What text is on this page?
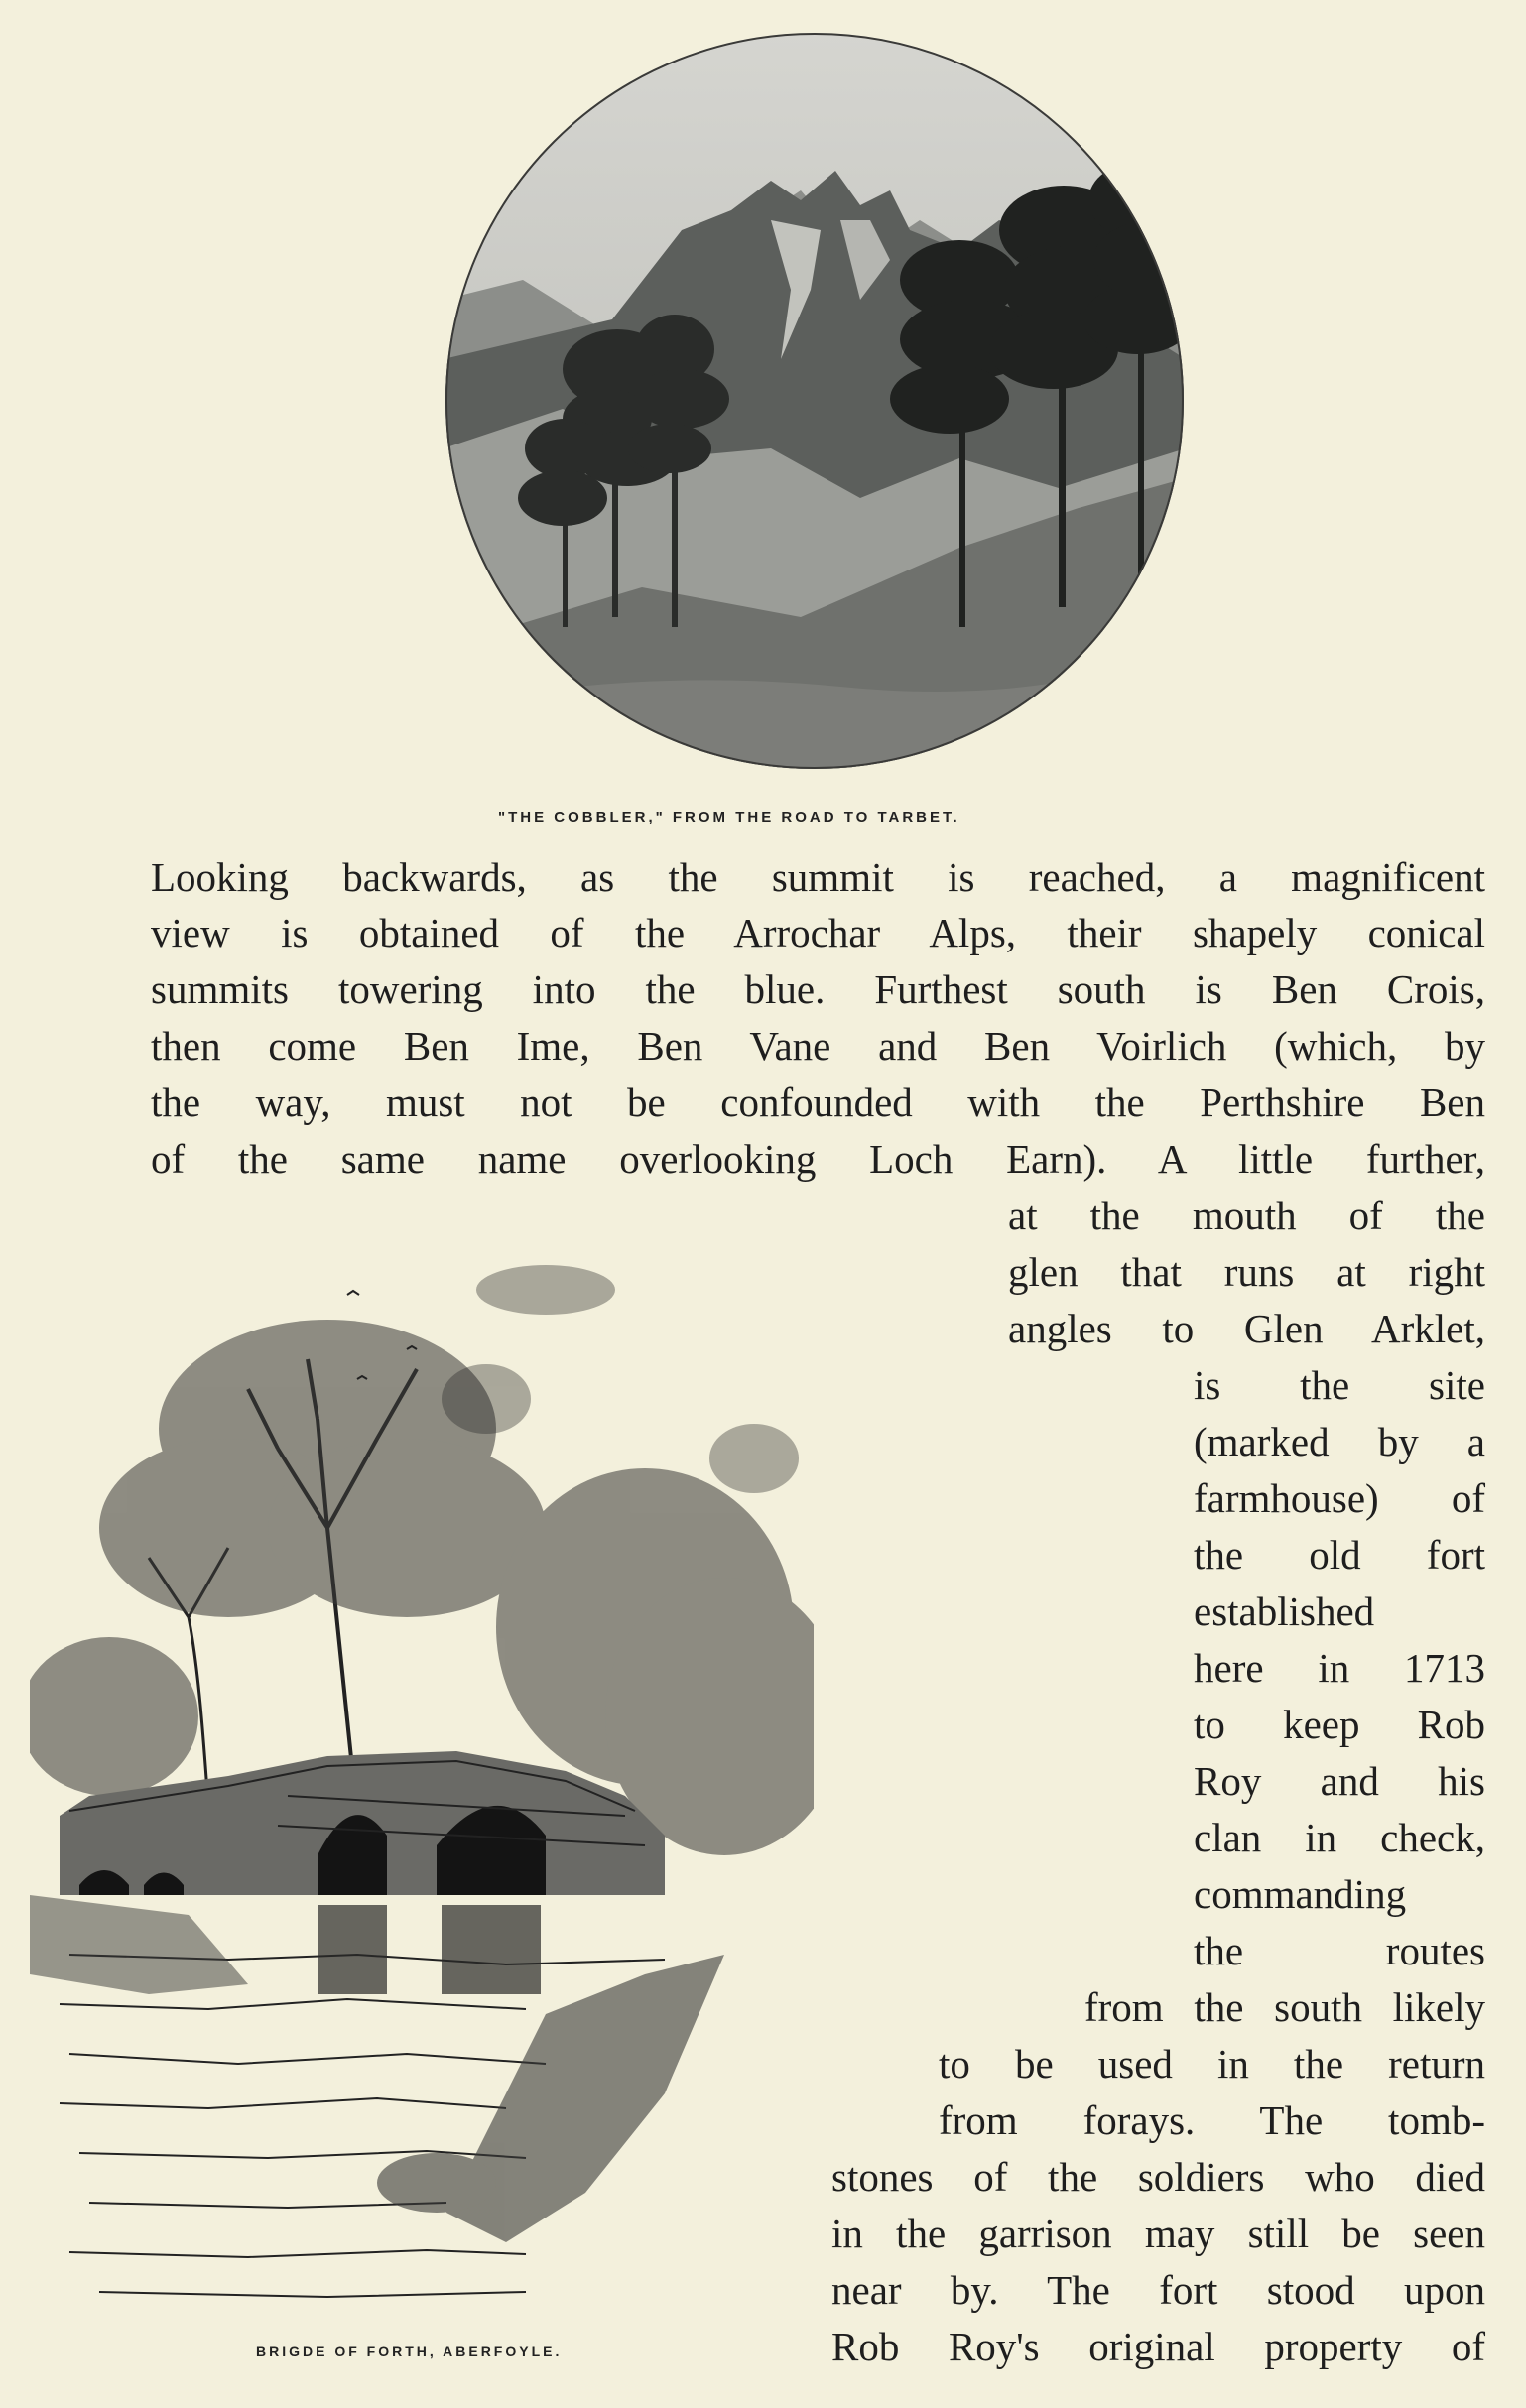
"THE COBBLER," FROM THE ROAD TO TARBET.
Looking backwards, as the summit is reached, a magnificent
view is obtained of the Arrochar Alps, their shapely conical
summits towering into the blue. Furthest south is Ben Crois,
then come Ben Ime, Ben Vane and Ben Voirlich (which, by
the way, must not be confounded with the Perthshire Ben
of the same name overlooking Loch Earn). A little further,
at the mouth of the
glen that runs at right
angles to Glen Arklet,
is the site
(marked by a
farmhouse) of
the old fort
established
here in 1713
to keep Rob
Roy and his
clan in check,
commanding
the routes
from the south likely
to be used in the return
from forays. The tomb-
stones of the soldiers who died
in the garrison may still be seen
near by. The fort stood upon
Rob Roy's original property of
BRIGDE OF FORTH, ABERFOYLE.
